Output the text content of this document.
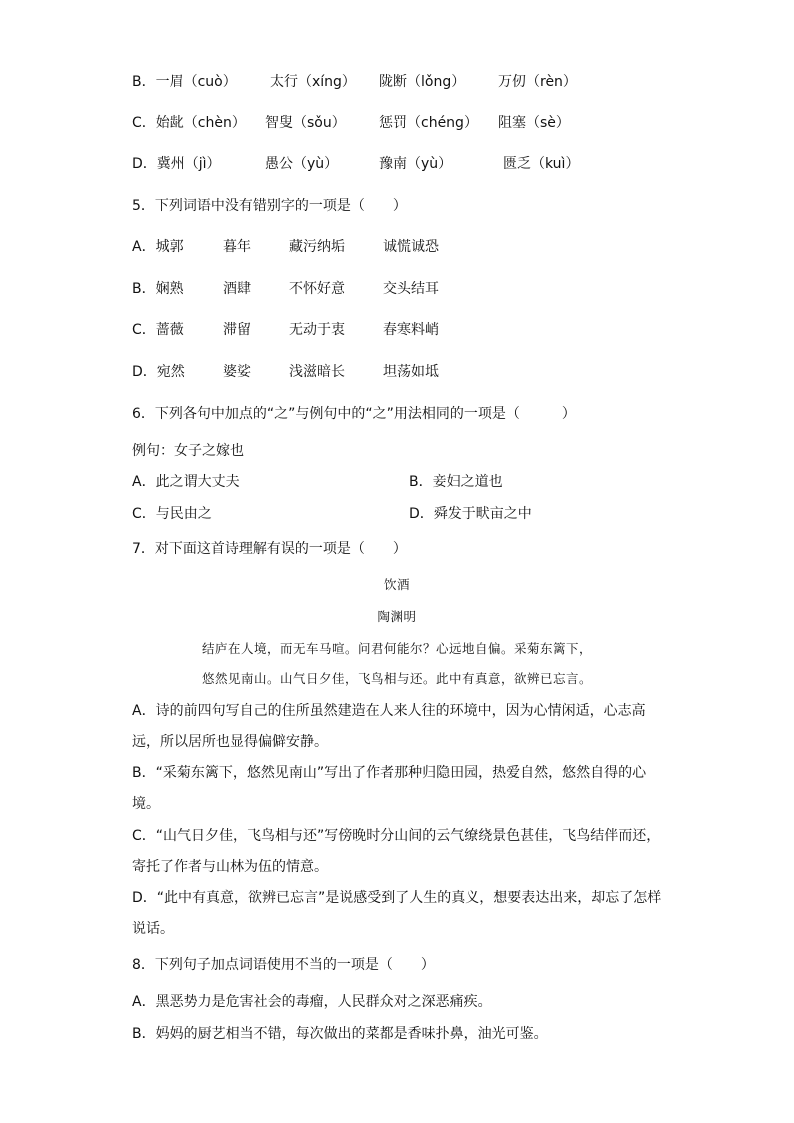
B．一眉（cuò） 太行（xíng） 陇断（lǒng） 万仞（rèn）
C．始龀（chèn） 智叟（sǒu） 惩罚（chéng） 阻塞（sè）
D．冀州（jì）	愚公（yù）	豫南（yù）	匮乏（kuì）
5．下列词语中没有错别字的一项是（　　）
A．城郭	暮年	藏污纳垢	诚慌诚恐
B．娴熟	酒肆	不怀好意	交头结耳
C．蔷薇	滞留	无动于衷	春寒料峭
D．宛然	婆娑	浅滋暗长	坦荡如坻
6．下列各句中加点的“之”与例句中的“之”用法相同的一项是（　　　）
例句：女子之嫁也
A．此之谓大丈夫	B．妾妇之道也
C．与民由之	D．舜发于畎亩之中
7．对下面这首诗理解有误的一项是（　　）
饮酒
陶渊明
结庐在人境，而无车马喧。问君何能尔？心远地自偏。采菊东篱下，
悠然见南山。山气日夕佳，飞鸟相与还。此中有真意，欲辨已忘言。
A．诗的前四句写自己的住所虽然建造在人来人往的环境中，因为心情闲适，心志高
远，所以居所也显得偏僻安静。
B．“采菊东篱下，悠然见南山”写出了作者那种归隐田园，热爱自然，悠然自得的心
境。
C．“山气日夕佳，飞鸟相与还”写傍晚时分山间的云气缭绕景色甚佳，飞鸟结伴而还，
寄托了作者与山林为伍的情意。
D．“此中有真意，欲辨已忘言”是说感受到了人生的真义，想要表达出来，却忘了怎样
说话。
8．下列句子加点词语使用不当的一项是（　　）
A．黑恶势力是危害社会的毒瘤，人民群众对之深恶痛疾。
B．妈妈的厨艺相当不错，每次做出的菜都是香味扑鼻，油光可鉴。
